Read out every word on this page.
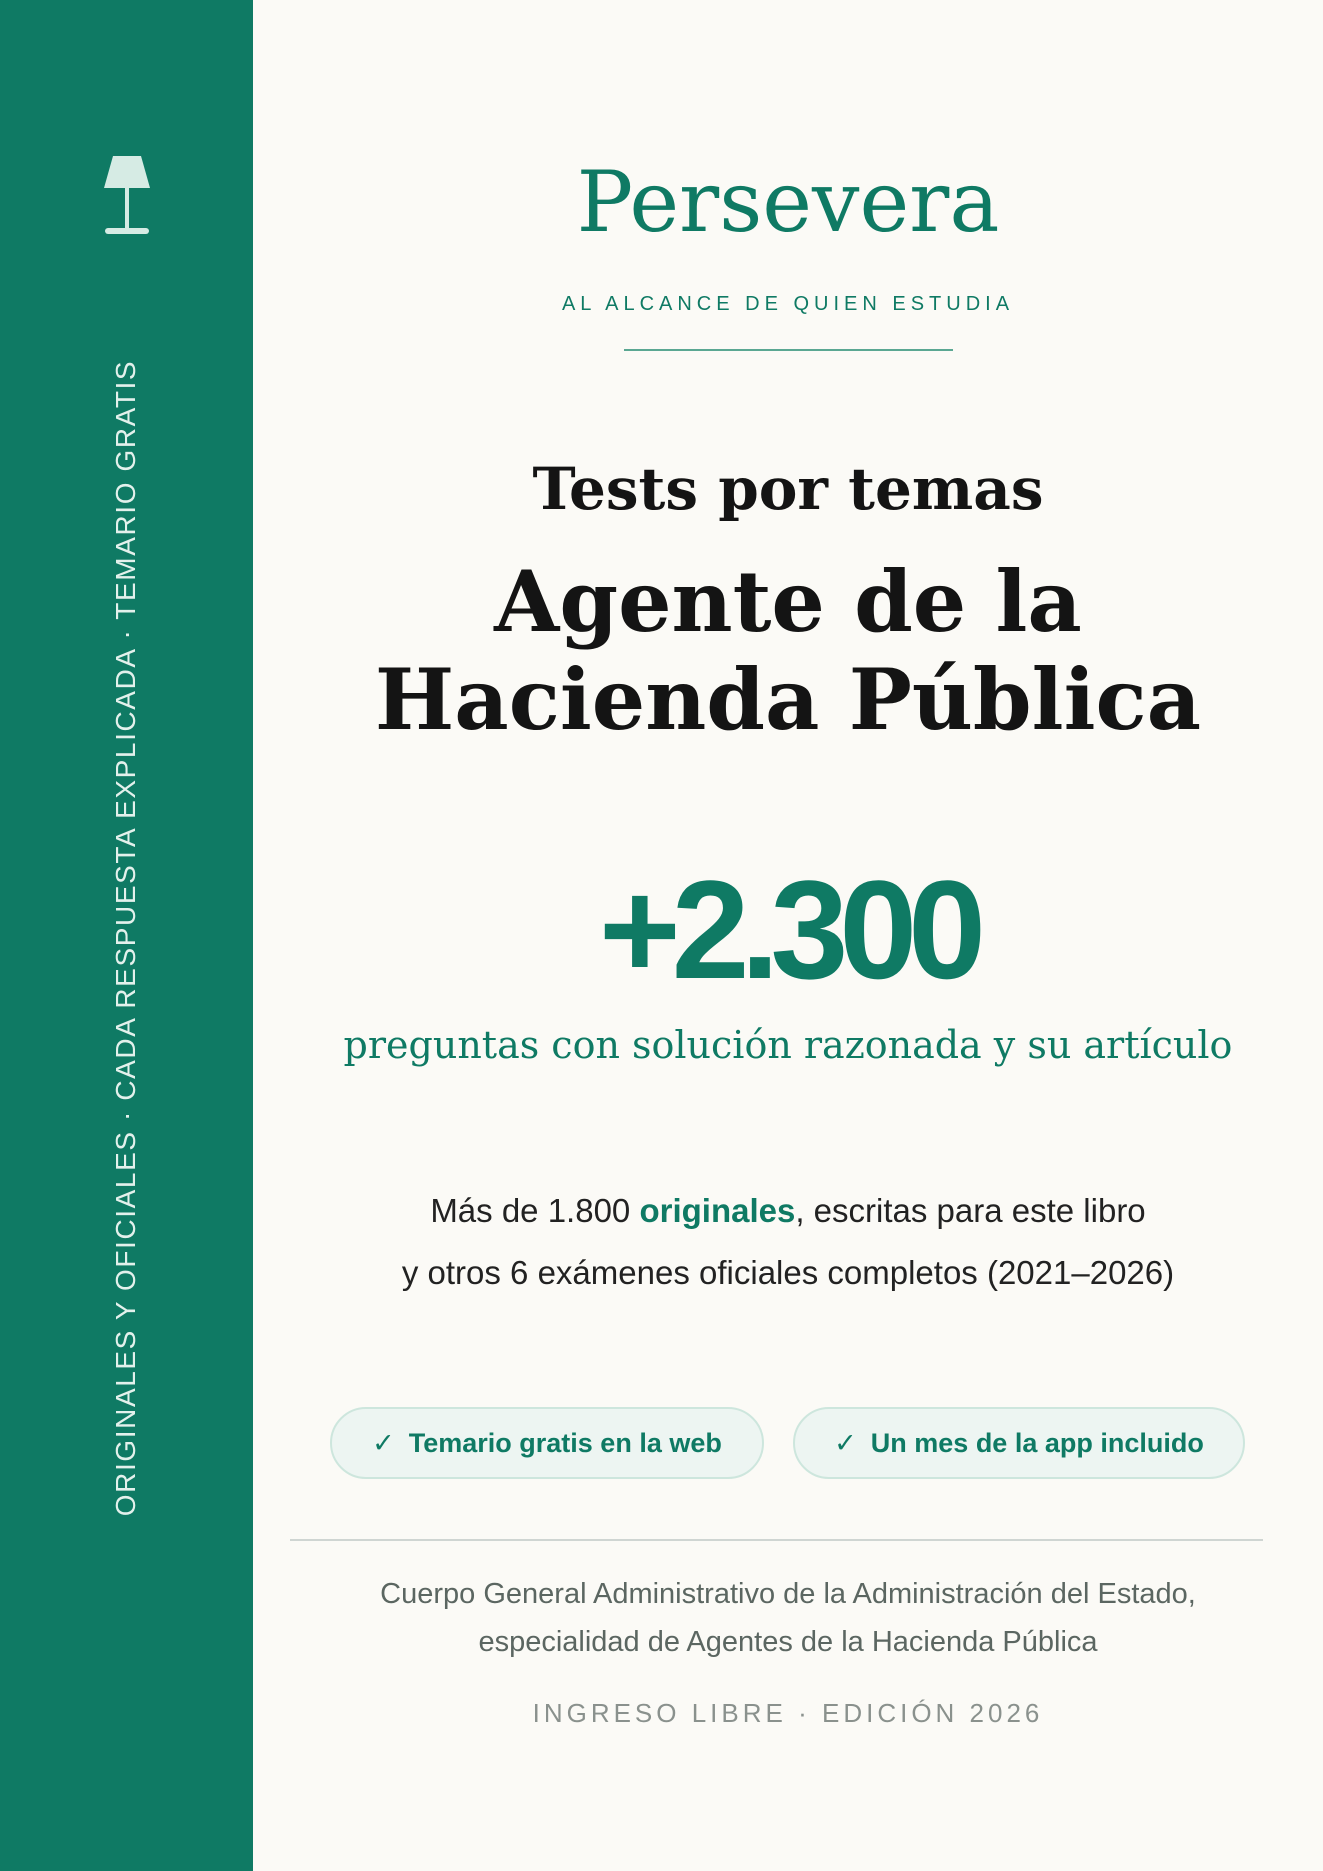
ORIGINALES Y OFICIALES · CADA RESPUESTA EXPLICADA · TEMARIO GRATIS
Persevera
AL ALCANCE DE QUIEN ESTUDIA
Tests por temas
Agente de la
Hacienda Pública
+2.300
preguntas con solución razonada y su artículo
Más de 1.800 originales, escritas para este libro
y otros 6 exámenes oficiales completos (2021–2026)
✓ Temario gratis en la web	✓ Un mes de la app incluido
Cuerpo General Administrativo de la Administración del Estado,
especialidad de Agentes de la Hacienda Pública
INGRESO LIBRE · EDICIÓN 2026
